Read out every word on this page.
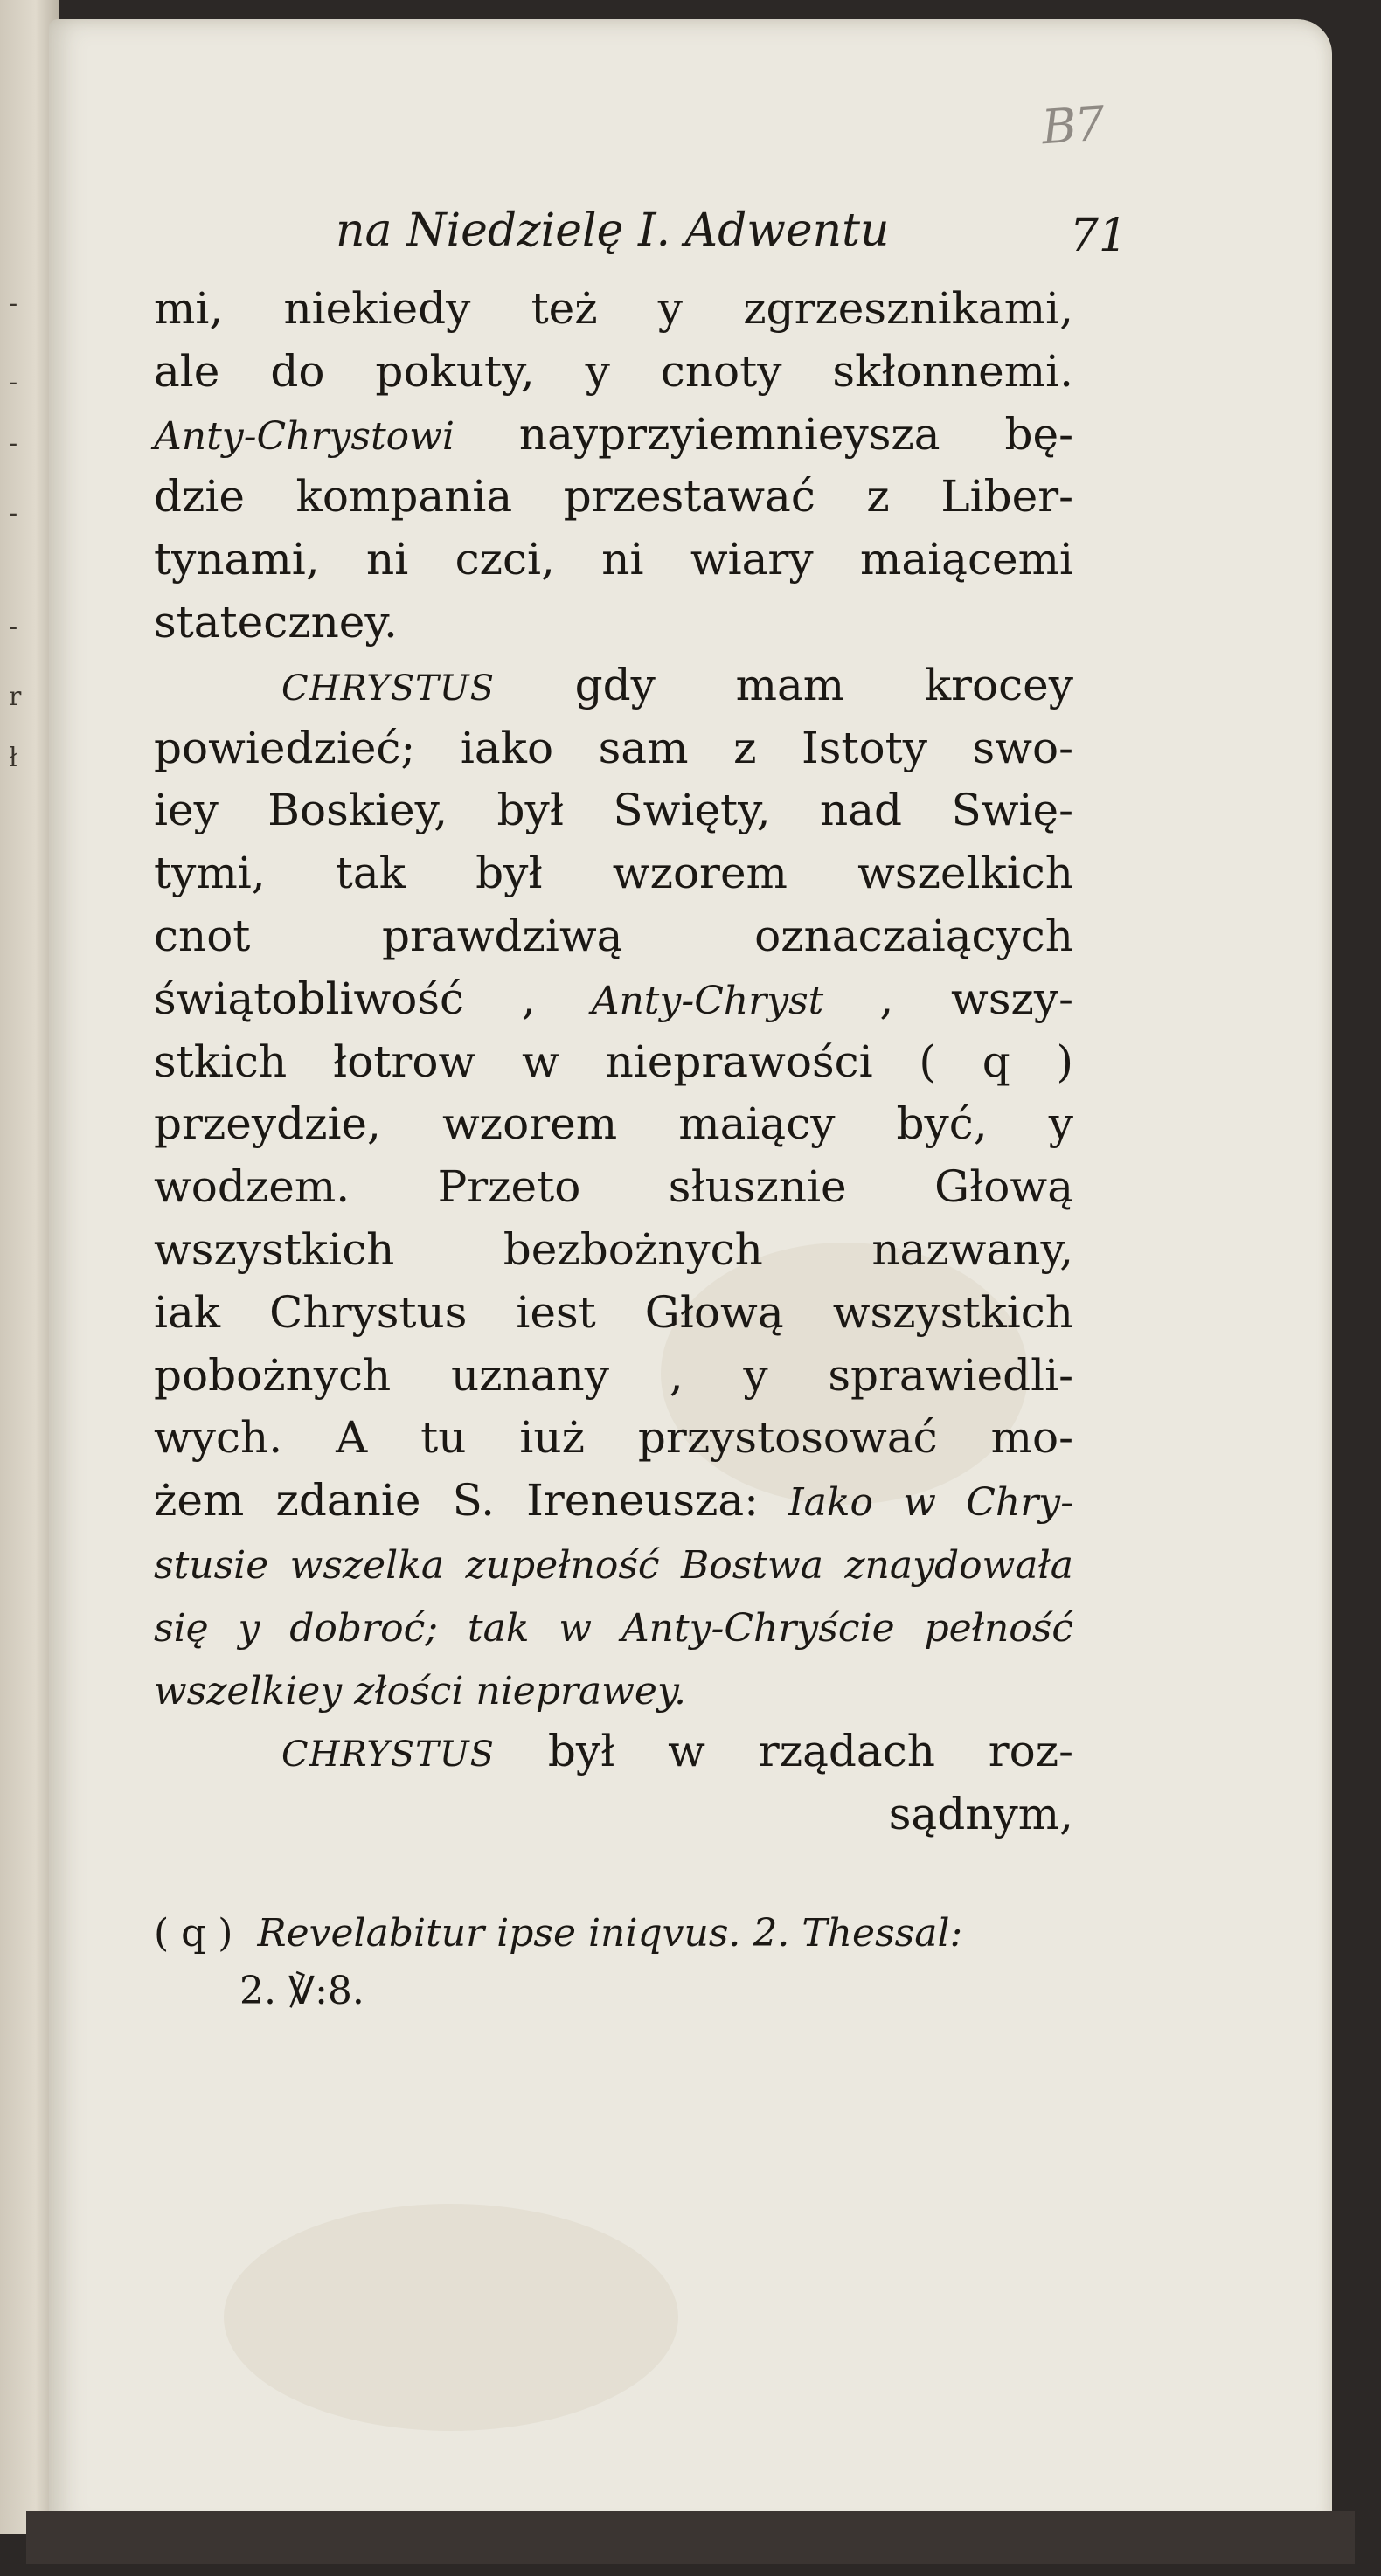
-
-
-
-
-
r
ł
B7
na Niedzielę I. Adwentu	71
mi, niekiedy też y zgrzesznikami,
ale do pokuty, y cnoty skłonnemi.
Anty-Chrystowi nayprzyiemnieysza bę-
dzie kompania przestawać z Liber-
tynami, ni czci, ni wiary maiącemi
stateczney.
CHRYSTUS gdy mam krocey
powiedzieć; iako sam z Istoty swo-
iey Boskiey, był Swięty, nad Swię-
tymi, tak był wzorem wszelkich
cnot prawdziwą oznaczaiących
świątobliwość , Anty-Chryst , wszy-
stkich łotrow w nieprawości ( q )
przeydzie, wzorem maiący być, y
wodzem. Przeto słusznie Głową
wszystkich bezbożnych nazwany,
iak Chrystus iest Głową wszystkich
pobożnych uznany , y sprawiedli-
wych. A tu iuż przystosować mo-
żem zdanie S. Ireneusza: Iako w Chry-
stusie wszelka zupełność Bostwa znaydowała
się y dobroć; tak w Anty-Chryście pełność
wszelkiey złości nieprawey.
CHRYSTUS był w rządach roz-
sądnym,
( q ) Revelabitur ipse iniqvus. 2. Thessal:
2. ℣:8.
